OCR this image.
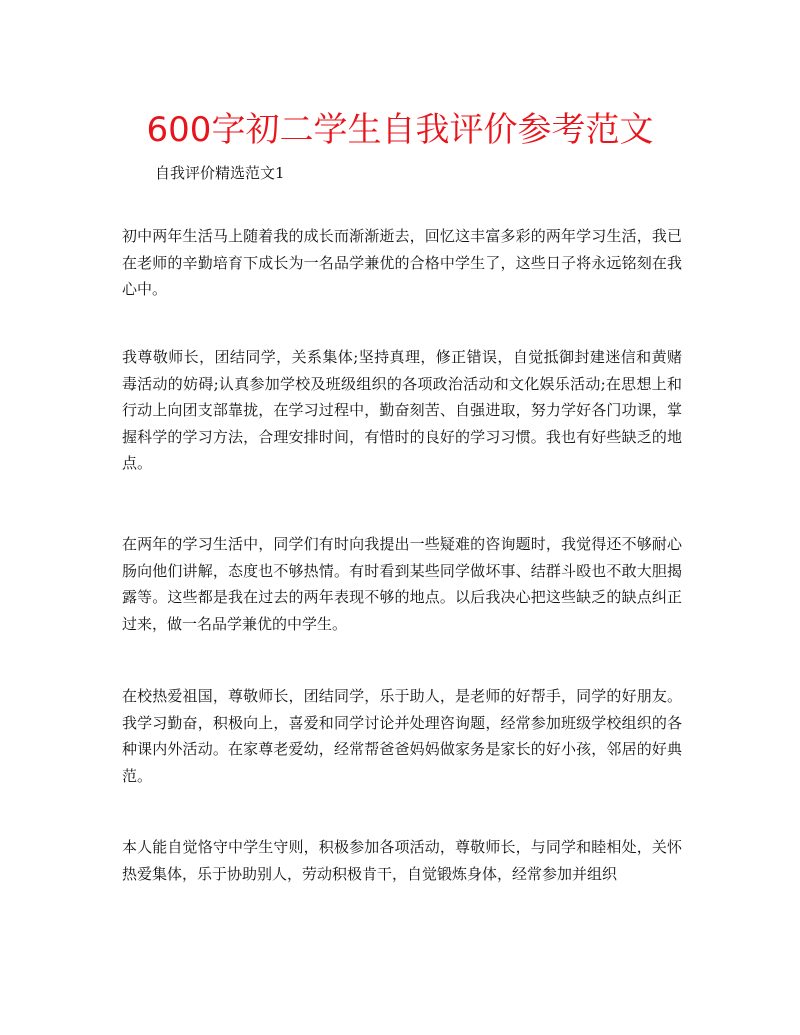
600字初二学生自我评价参考范文

自我评价精选范文1

初中两年生活马上随着我的成长而渐渐逝去，回忆这丰富多彩的两年学习生活，我已在老师的辛勤培育下成长为一名品学兼优的合格中学生了，这些日子将永远铭刻在我心中。

我尊敬师长，团结同学，关系集体;坚持真理，修正错误，自觉抵御封建迷信和黄赌毒活动的妨碍;认真参加学校及班级组织的各项政治活动和文化娱乐活动;在思想上和行动上向团支部靠拢，在学习过程中，勤奋刻苦、自强进取，努力学好各门功课，掌握科学的学习方法，合理安排时间，有惜时的良好的学习习惯。我也有好些缺乏的地点。

在两年的学习生活中，同学们有时向我提出一些疑难的咨询题时，我觉得还不够耐心肠向他们讲解，态度也不够热情。有时看到某些同学做坏事、结群斗殴也不敢大胆揭露等。这些都是我在过去的两年表现不够的地点。以后我决心把这些缺乏的缺点纠正过来，做一名品学兼优的中学生。

在校热爱祖国，尊敬师长，团结同学，乐于助人，是老师的好帮手，同学的好朋友。我学习勤奋，积极向上，喜爱和同学讨论并处理咨询题，经常参加班级学校组织的各种课内外活动。在家尊老爱幼，经常帮爸爸妈妈做家务是家长的好小孩，邻居的好典范。

本人能自觉恪守中学生守则，积极参加各项活动，尊敬师长，与同学和睦相处，关怀热爱集体，乐于协助别人，劳动积极肯干，自觉锻炼身体，经常参加并组织
